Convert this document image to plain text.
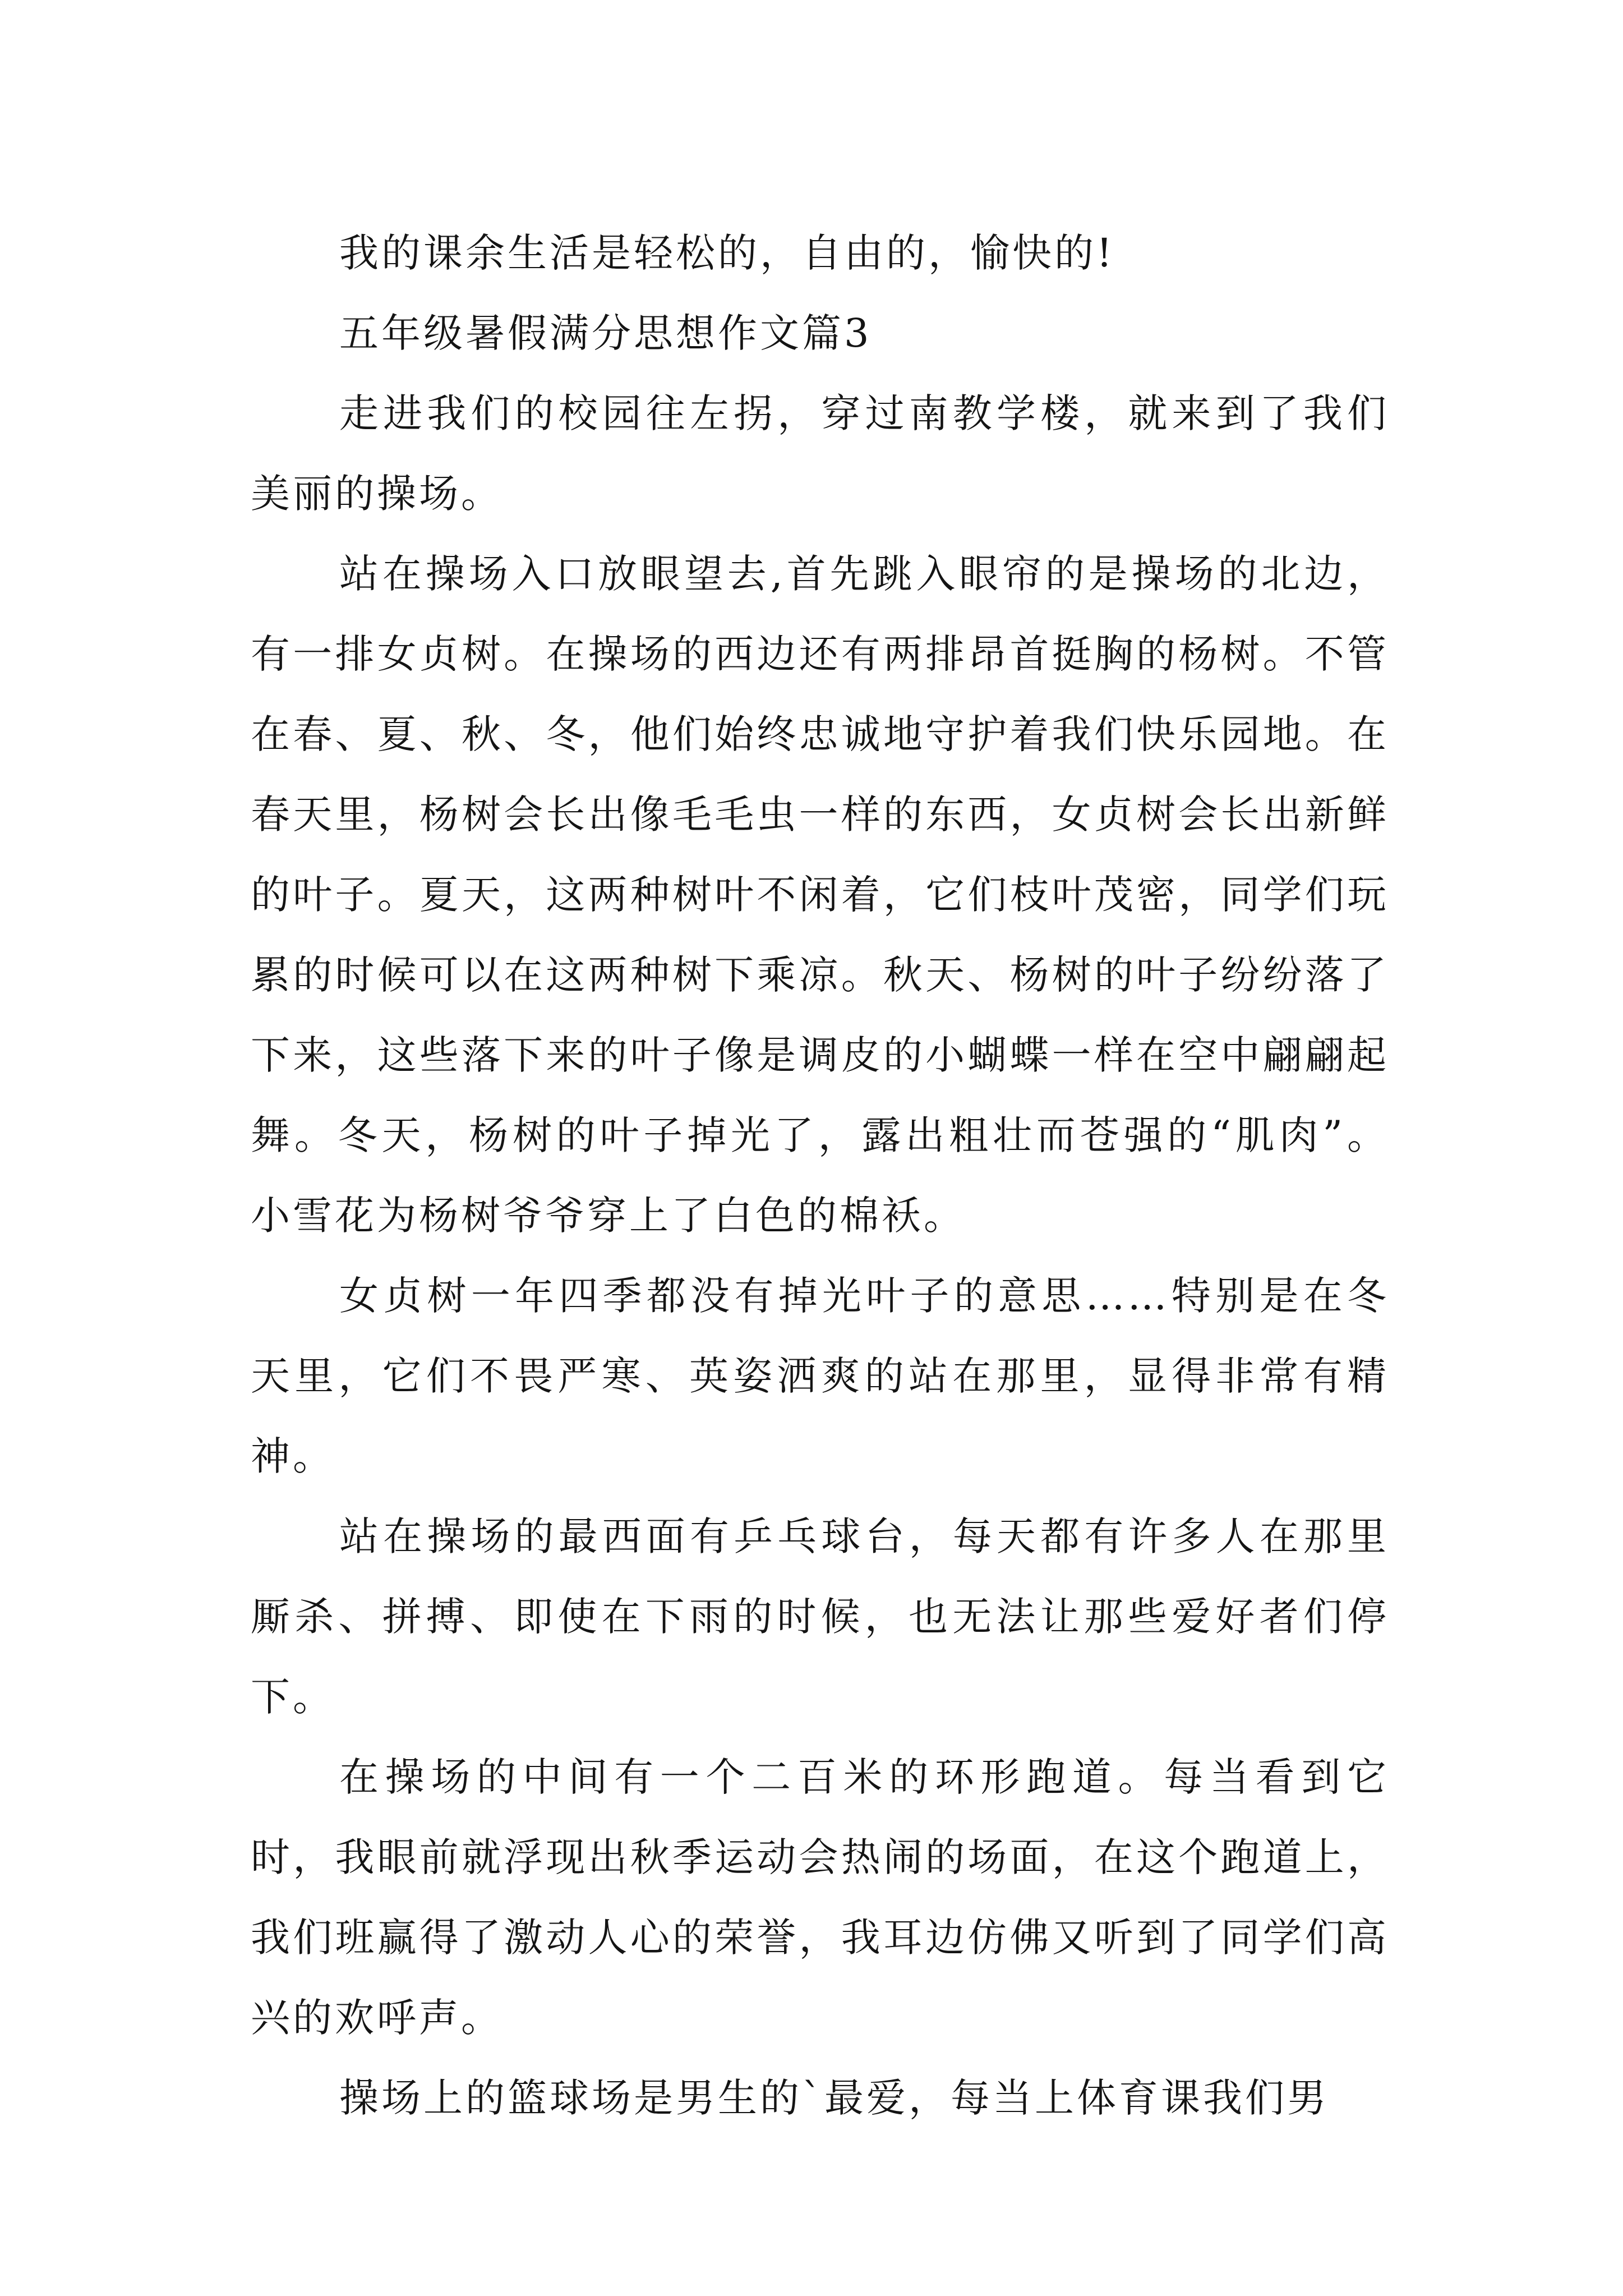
我的课余生活是轻松的，自由的，愉快的!

五年级暑假满分思想作文篇3

走进我们的校园往左拐，穿过南教学楼，就来到了我们美丽的操场。

站在操场入口放眼望去,首先跳入眼帘的是操场的北边，有一排女贞树。在操场的西边还有两排昂首挺胸的杨树。不管在春、夏、秋、冬，他们始终忠诚地守护着我们快乐园地。在春天里，杨树会长出像毛毛虫一样的东西，女贞树会长出新鲜的叶子。夏天，这两种树叶不闲着，它们枝叶茂密，同学们玩累的时候可以在这两种树下乘凉。秋天、杨树的叶子纷纷落了下来，这些落下来的叶子像是调皮的小蝴蝶一样在空中翩翩起舞。冬天，杨树的叶子掉光了，露出粗壮而苍强的“肌肉”。小雪花为杨树爷爷穿上了白色的棉袄。

女贞树一年四季都没有掉光叶子的意思……特别是在冬天里，它们不畏严寒、英姿洒爽的站在那里，显得非常有精神。

站在操场的最西面有乒乓球台，每天都有许多人在那里厮杀、拼搏、即使在下雨的时候，也无法让那些爱好者们停下。

在操场的中间有一个二百米的环形跑道。每当看到它时，我眼前就浮现出秋季运动会热闹的场面，在这个跑道上，我们班赢得了激动人心的荣誉，我耳边仿佛又听到了同学们高兴的欢呼声。

操场上的篮球场是男生的`最爱，每当上体育课我们男
